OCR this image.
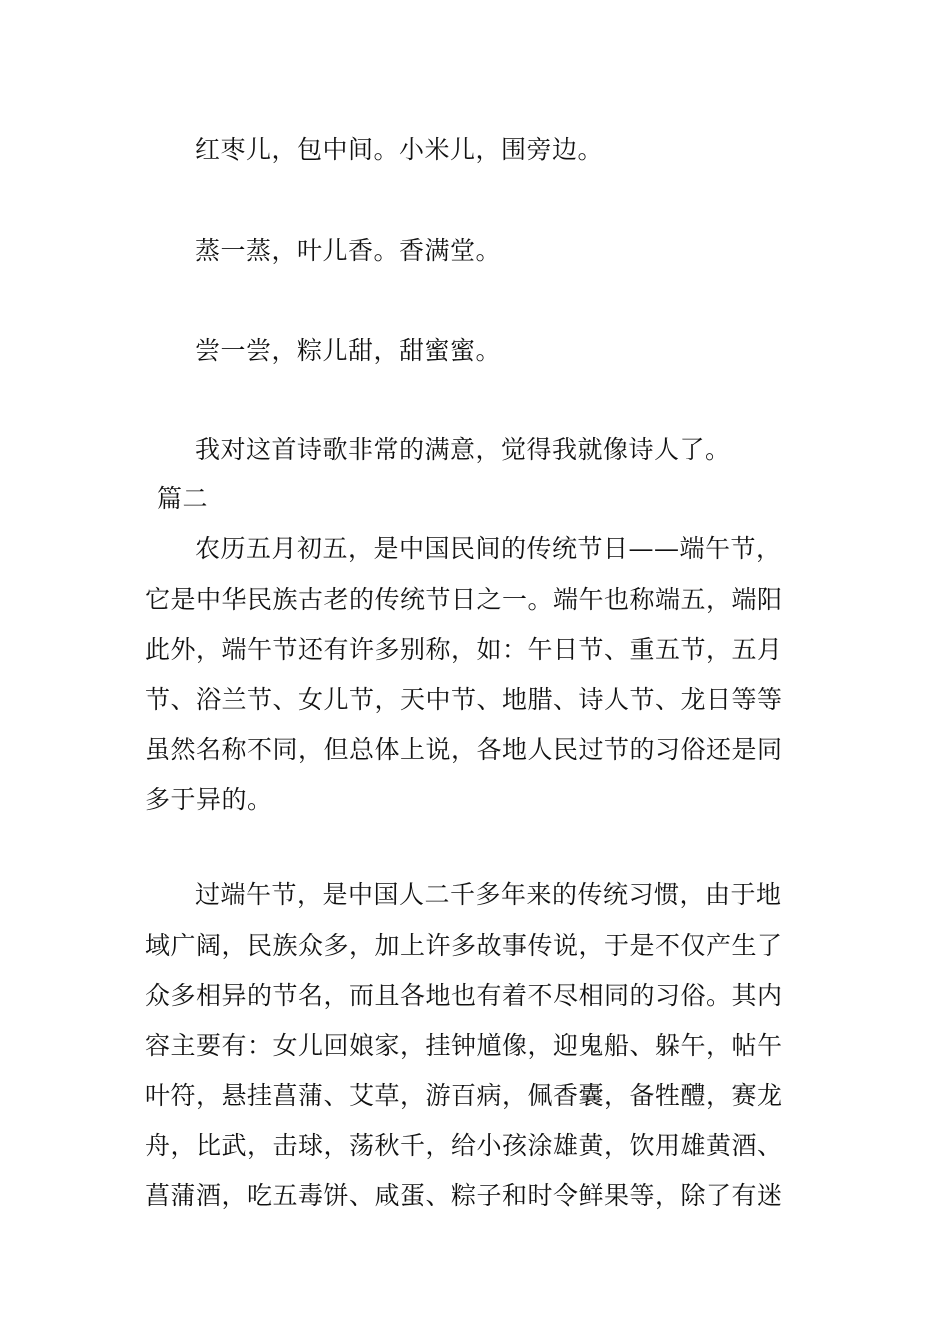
红枣儿，包中间。小米儿，围旁边。
蒸一蒸，叶儿香。香满堂。
尝一尝，粽儿甜，甜蜜蜜。
我对这首诗歌非常的满意，觉得我就像诗人了。
篇二
农历五月初五，是中国民间的传统节日——端午节，
它是中华民族古老的传统节日之一。端午也称端五，端阳
此外，端午节还有许多别称，如：午日节、重五节，五月
节、浴兰节、女儿节，天中节、地腊、诗人节、龙日等等
虽然名称不同，但总体上说，各地人民过节的习俗还是同
多于异的。
过端午节，是中国人二千多年来的传统习惯，由于地
域广阔，民族众多，加上许多故事传说，于是不仅产生了
众多相异的节名，而且各地也有着不尽相同的习俗。其内
容主要有：女儿回娘家，挂钟馗像，迎鬼船、躲午，帖午
叶符，悬挂菖蒲、艾草，游百病，佩香囊，备牲醴，赛龙
舟，比武，击球，荡秋千，给小孩涂雄黄，饮用雄黄酒、
菖蒲酒，吃五毒饼、咸蛋、粽子和时令鲜果等，除了有迷
